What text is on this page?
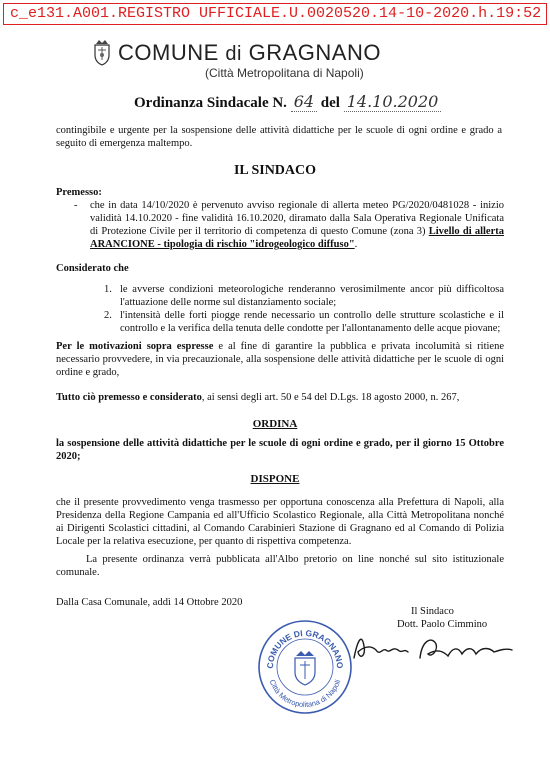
c_e131.A001.REGISTRO UFFICIALE.U.0020520.14-10-2020.h.19:52
COMUNE di GRAGNANO
(Città Metropolitana di Napoli)
Ordinanza Sindacale N. 64 del 14.10.2020
contingibile e urgente per la sospensione delle attività didattiche per le scuole di ogni ordine e grado a seguito di emergenza maltempo.
IL SINDACO
Premesso:
- che in data 14/10/2020 è pervenuto avviso regionale di allerta meteo PG/2020/0481028 - inizio validità 14.10.2020 - fine validità 16.10.2020, diramato dalla Sala Operativa Regionale Unificata di Protezione Civile per il territorio di competenza di questo Comune (zona 3) Livello di allerta ARANCIONE - tipologia di rischio "idrogeologico diffuso".
Considerato che
1. le avverse condizioni meteorologiche renderanno verosimilmente ancor più difficoltosa l'attuazione delle norme sul distanziamento sociale;
2. l'intensità delle forti piogge rende necessario un controllo delle strutture scolastiche e il controllo e la verifica della tenuta delle condotte per l'allontanamento delle acque piovane;
Per le motivazioni sopra espresse e al fine di garantire la pubblica e privata incolumità si ritiene necessario provvedere, in via precauzionale, alla sospensione delle attività didattiche per le scuole di ogni ordine e grado,
Tutto ciò premesso e considerato, ai sensi degli art. 50 e 54 del D.Lgs. 18 agosto 2000, n. 267,
ORDINA
la sospensione delle attività didattiche per le scuole di ogni ordine e grado, per il giorno 15 Ottobre 2020;
DISPONE
che il presente provvedimento venga trasmesso per opportuna conoscenza alla Prefettura di Napoli, alla Presidenza della Regione Campania ed all'Ufficio Scolastico Regionale, alla Città Metropolitana nonché ai Dirigenti Scolastici cittadini, al Comando Carabinieri Stazione di Gragnano ed al Comando di Polizia Locale per la relativa esecuzione, per quanto di rispettiva competenza.
La presente ordinanza verrà pubblicata all'Albo pretorio on line nonché sul sito istituzionale comunale.
Dalla Casa Comunale, addì 14 Ottobre 2020
Il Sindaco
Dott. Paolo Cimmino
COMUNE DI GRAGNANO
Città Metropolitana di Napoli
